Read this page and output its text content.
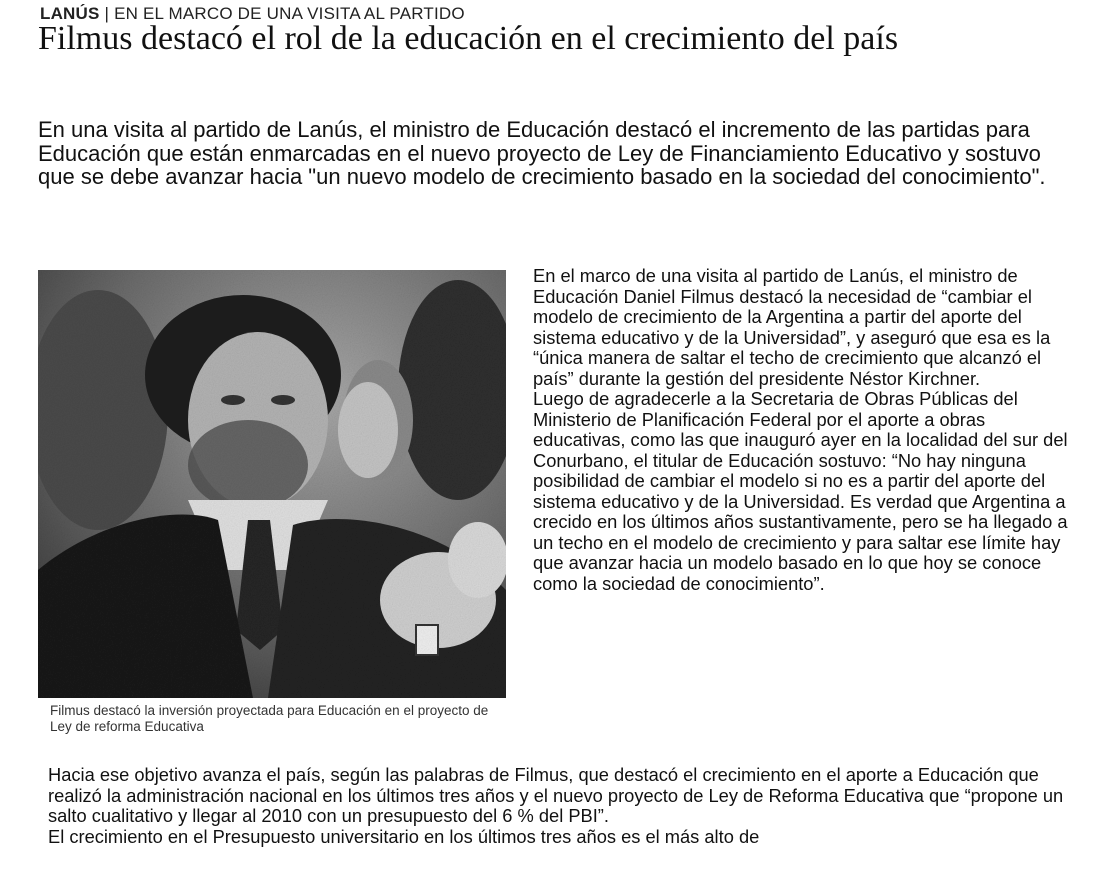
LANÚS | EN EL MARCO DE UNA VISITA AL PARTIDO
Filmus destacó el rol de la educación en el crecimiento del país

En una visita al partido de Lanús, el ministro de Educación destacó el incremento de las partidas para Educación que están enmarcadas en el nuevo proyecto de Ley de Financiamiento Educativo y sostuvo que se debe avanzar hacia "un nuevo modelo de crecimiento basado en la sociedad del conocimiento".

Filmus destacó la inversión proyectada para Educación en el proyecto de Ley de reforma Educativa

En el marco de una visita al partido de Lanús, el ministro de Educación Daniel Filmus destacó la necesidad de “cambiar el modelo de crecimiento de la Argentina a partir del aporte del sistema educativo y de la Universidad”, y aseguró que esa es la “única manera de saltar el techo de crecimiento que alcanzó el país” durante la gestión del presidente Néstor Kirchner.

Luego de agradecerle a la Secretaria de Obras Públicas del Ministerio de Planificación Federal por el aporte a obras educativas, como las que inauguró ayer en la localidad del sur del Conurbano, el titular de Educación sostuvo: “No hay ninguna posibilidad de cambiar el modelo si no es a partir del aporte del sistema educativo y de la Universidad. Es verdad que Argentina a crecido en los últimos años sustantivamente, pero se ha llegado a un techo en el modelo de crecimiento y para saltar ese límite hay que avanzar hacia un modelo basado en lo que hoy se conoce como la sociedad de conocimiento”.

Hacia ese objetivo avanza el país, según las palabras de Filmus, que destacó el crecimiento en el aporte a Educación que realizó la administración nacional en los últimos tres años y el nuevo proyecto de Ley de Reforma Educativa que “propone un salto cualitativo y llegar al 2010 con un presupuesto del 6 % del PBI”.

El crecimiento en el Presupuesto universitario en los últimos tres años es el más alto de
